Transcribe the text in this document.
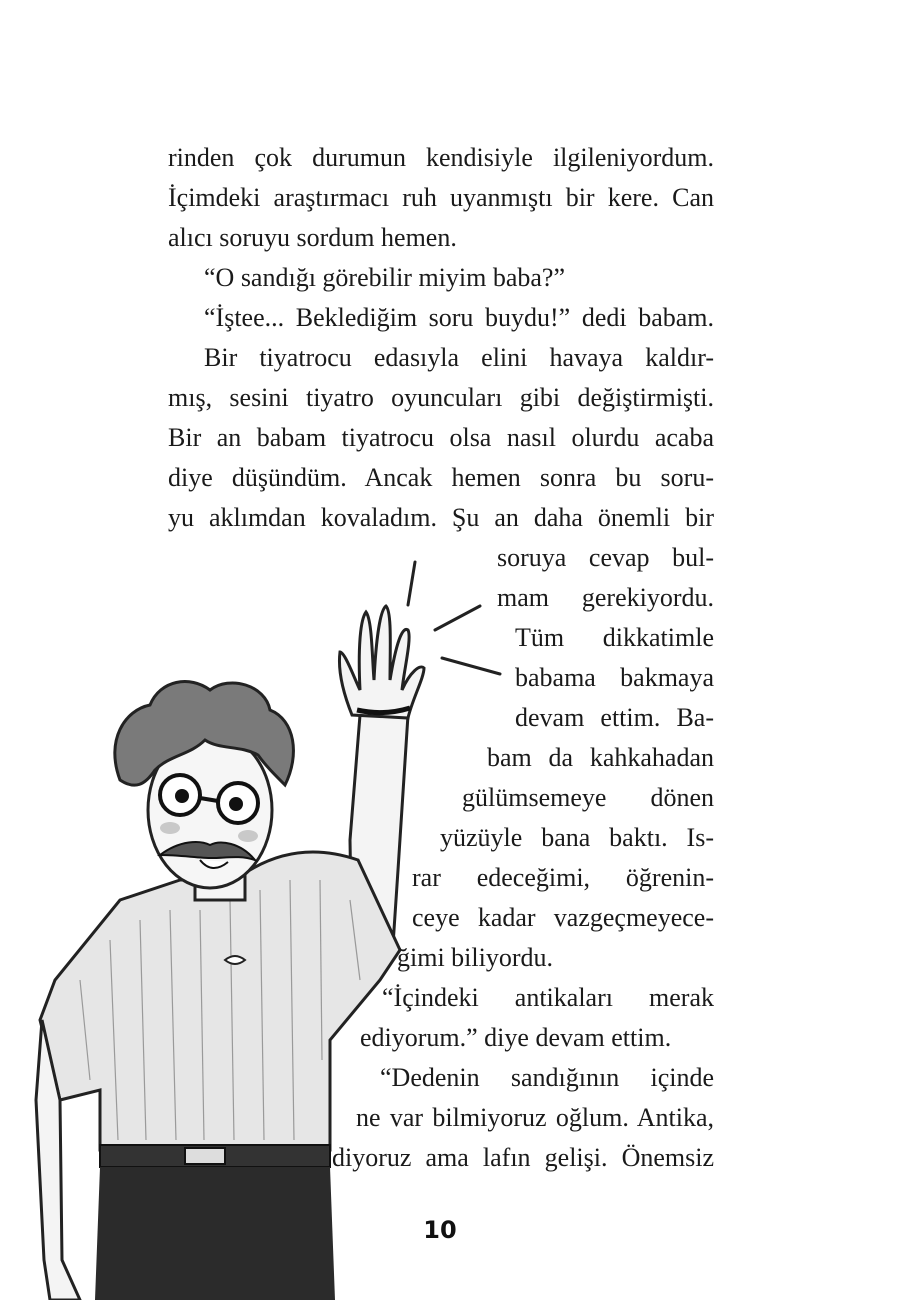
rinden çok durumun kendisiyle ilgileniyordum.
İçimdeki araştırmacı ruh uyanmıştı bir kere. Can
alıcı soruyu sordum hemen.
“O sandığı görebilir miyim baba?”
“İştee... Beklediğim soru buydu!” dedi babam.
Bir tiyatrocu edasıyla elini havaya kaldır-
mış, sesini tiyatro oyuncuları gibi değiştirmişti.
Bir an babam tiyatrocu olsa nasıl olurdu acaba
diye düşündüm. Ancak hemen sonra bu soru-
yu aklımdan kovaladım. Şu an daha önemli bir
soruya cevap bul-
mam gerekiyordu.
Tüm dikkatimle
babama bakmaya
devam ettim. Ba-
bam da kahkahadan
gülümsemeye dönen
yüzüyle bana baktı. Is-
rar edeceğimi, öğrenin-
ceye kadar vazgeçmeyece-
ğimi biliyordu.
“İçindeki antikaları merak
ediyorum.” diye devam ettim.
“Dedenin sandığının içinde
ne var bilmiyoruz oğlum. Antika,
diyoruz ama lafın gelişi. Önemsiz
10
